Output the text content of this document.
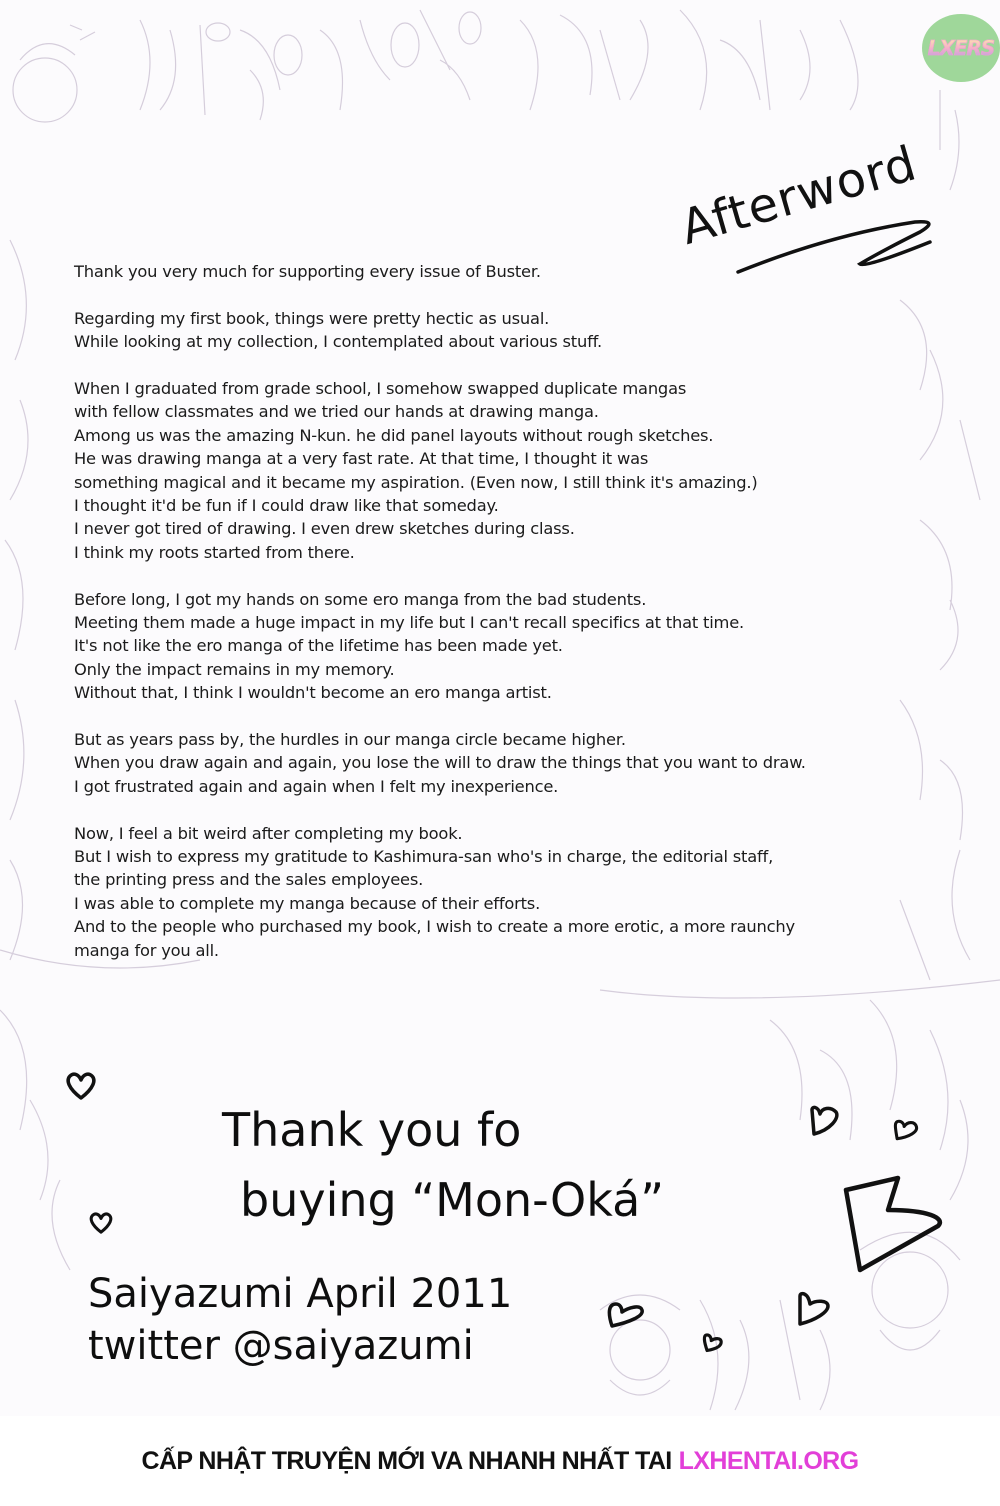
LXERS
Afterword

Thank you very much for supporting every issue of Buster.

Regarding my first book, things were pretty hectic as usual.
While looking at my collection, I contemplated about various stuff.

When I graduated from grade school, I somehow swapped duplicate mangas
with fellow classmates and we tried our hands at drawing manga.
Among us was the amazing N-kun. he did panel layouts without rough sketches.
He was drawing manga at a very fast rate. At that time, I thought it was
something magical and it became my aspiration. (Even now, I still think it's amazing.)
I thought it'd be fun if I could draw like that someday.
I never got tired of drawing. I even drew sketches during class.
I think my roots started from there.

Before long, I got my hands on some ero manga from the bad students.
Meeting them made a huge impact in my life but I can't recall specifics at that time.
It's not like the ero manga of the lifetime has been made yet.
Only the impact remains in my memory.
Without that, I think I wouldn't become an ero manga artist.

But as years pass by, the hurdles in our manga circle became higher.
When you draw again and again, you lose the will to draw the things that you want to draw.
I got frustrated again and again when I felt my inexperience.

Now, I feel a bit weird after completing my book.
But I wish to express my gratitude to Kashimura-san who's in charge, the editorial staff,
the printing press and the sales employees.
I was able to complete my manga because of their efforts.
And to the people who purchased my book, I wish to create a more erotic, a more raunchy
manga for you all.

Thank you fo
buying “Mon-Oká”
Saiyazumi April 2011
twitter @saiyazumi
CẤP NHẬT TRUYỆN MỚI VA NHANH NHẤT TAI LXHENTAI.ORG
